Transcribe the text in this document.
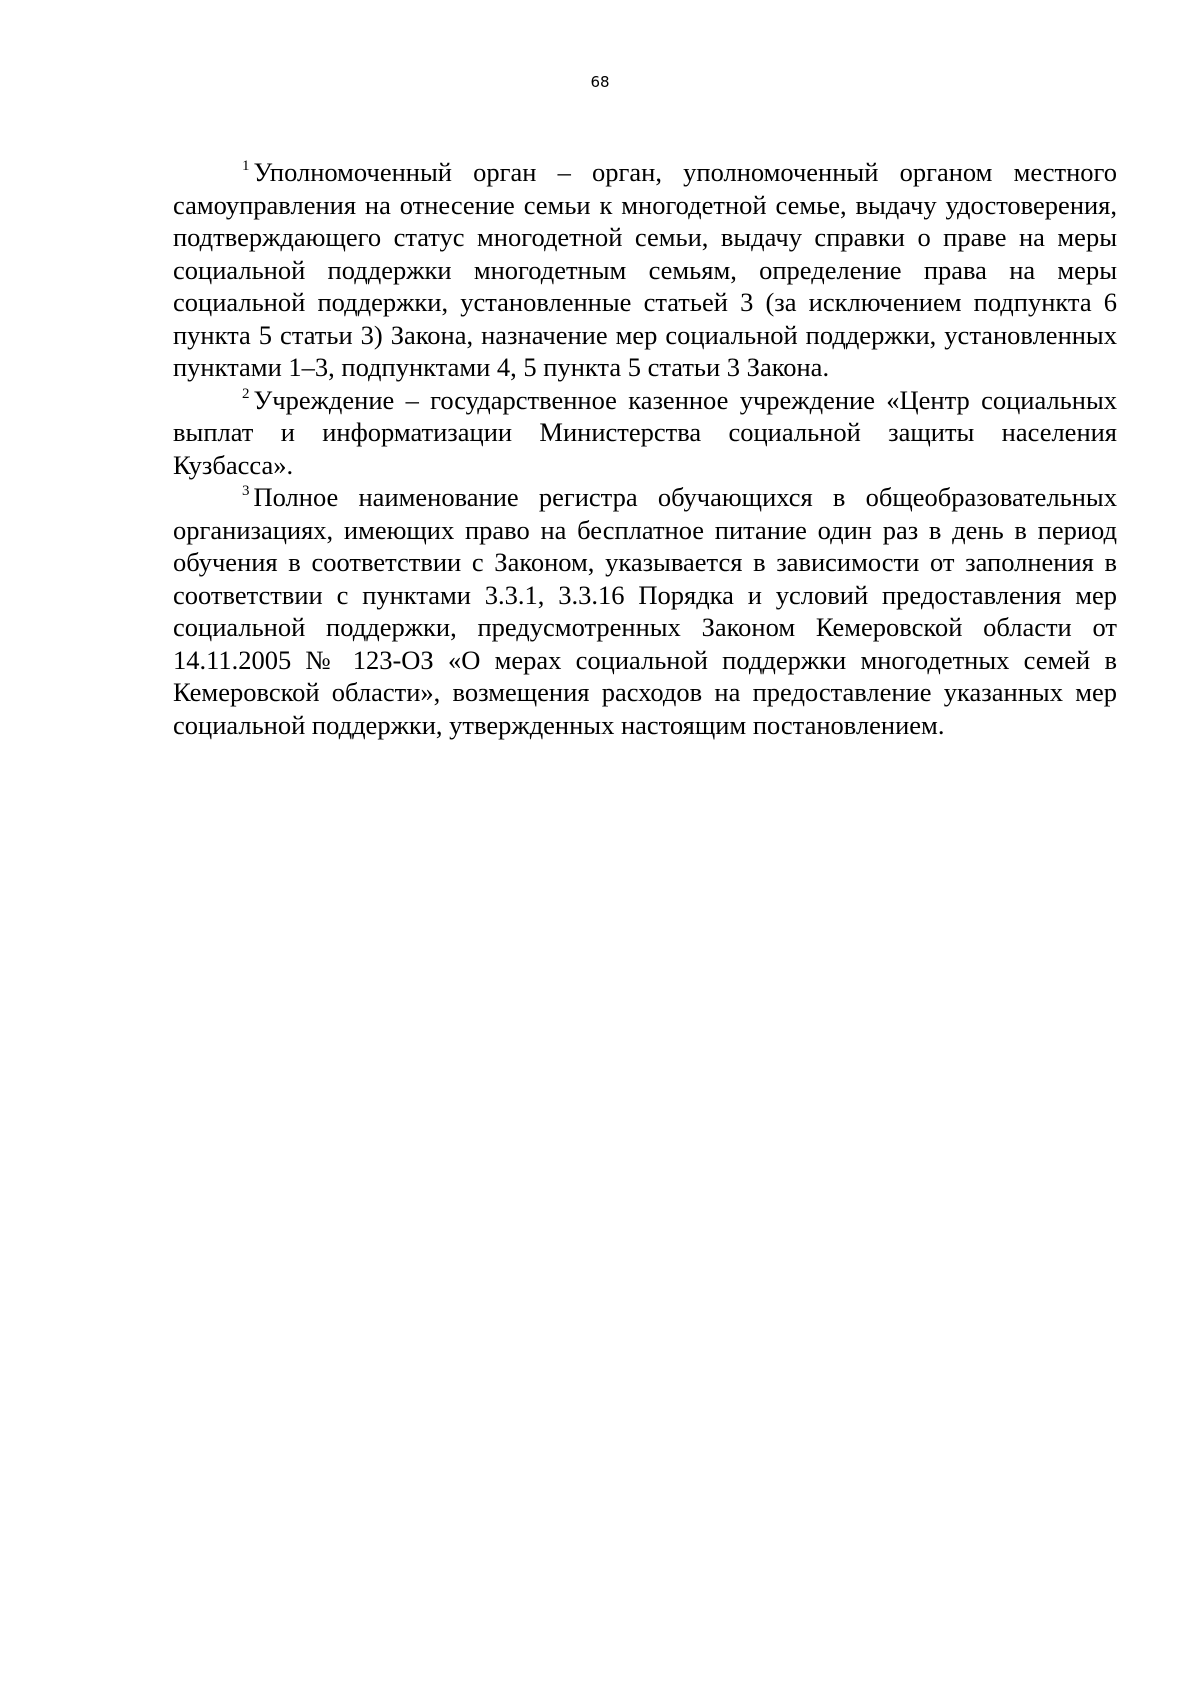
68

$^1$ Уполномоченный орган – орган, уполномоченный органом местного самоуправления на отнесение семьи к многодетной семье, выдачу удостоверения, подтверждающего статус многодетной семьи, выдачу справки о праве на меры социальной поддержки многодетным семьям, определение права на меры социальной поддержки, установленные статьей 3 (за исключением подпункта 6 пункта 5 статьи 3) Закона, назначение мер социальной поддержки, установленных пунктами 1–3, подпунктами 4, 5 пункта 5 статьи 3 Закона.

$^2$ Учреждение – государственное казенное учреждение «Центр социальных выплат и информатизации Министерства социальной защиты населения Кузбасса».

$^3$ Полное наименование регистра обучающихся в общеобразовательных организациях, имеющих право на бесплатное питание один раз в день в период обучения в соответствии с Законом, указывается в зависимости от заполнения в соответствии с пунктами 3.3.1, 3.3.16 Порядка и условий предоставления мер социальной поддержки, предусмотренных Законом Кемеровской области от 14.11.2005 № 123-ОЗ «О мерах социальной поддержки многодетных семей в Кемеровской области», возмещения расходов на предоставление указанных мер социальной поддержки, утвержденных настоящим постановлением.
